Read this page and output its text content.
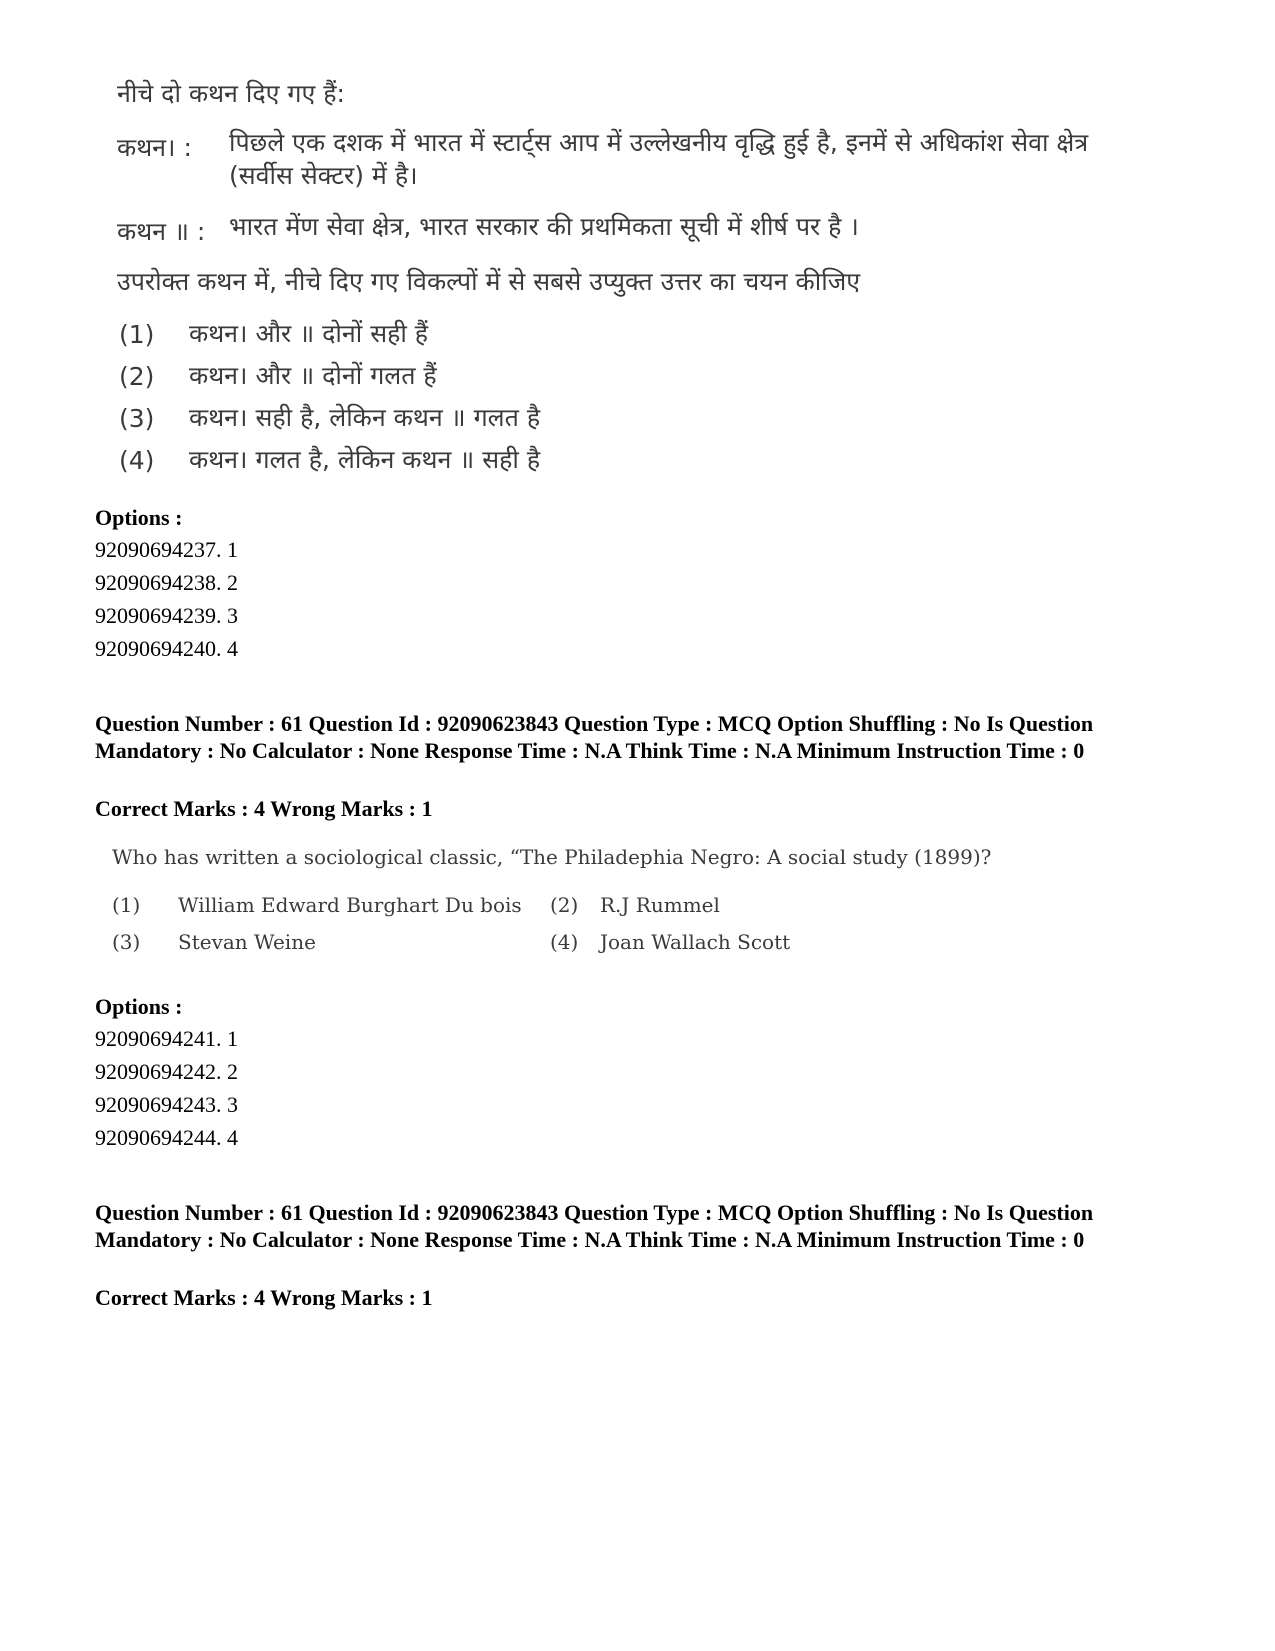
नीचे दो कथन दिए गए हैं:
कथन। : पिछले एक दशक में भारत में स्टार्ट्स आप में उल्लेखनीय वृद्धि हुई है, इनमें से अधिकांश सेवा क्षेत्र (सर्वीस सेक्टर) में है।
कथन ॥ : भारत मेंण सेवा क्षेत्र, भारत सरकार की प्रथमिकता सूची में शीर्ष पर है ।
उपरोक्त कथन में, नीचे दिए गए विकल्पों में से सबसे उप्युक्त उत्तर का चयन कीजिए
(1) कथन। और ॥ दोनों सही हैं
(2) कथन। और ॥ दोनों गलत हैं
(3) कथन। सही है, लेकिन कथन ॥ गलत है
(4) कथन। गलत है, लेकिन कथन ॥ सही है
Options :
92090694237. 1
92090694238. 2
92090694239. 3
92090694240. 4
Question Number : 61 Question Id : 92090623843 Question Type : MCQ Option Shuffling : No Is Question Mandatory : No Calculator : None Response Time : N.A Think Time : N.A Minimum Instruction Time : 0
Correct Marks : 4 Wrong Marks : 1
Who has written a sociological classic, “The Philadephia Negro: A social study (1899)?
(1) William Edward Burghart Du bois (2) R.J Rummel
(3) Stevan Weine	(4) Joan Wallach Scott
Options :
92090694241. 1
92090694242. 2
92090694243. 3
92090694244. 4
Question Number : 61 Question Id : 92090623843 Question Type : MCQ Option Shuffling : No Is Question Mandatory : No Calculator : None Response Time : N.A Think Time : N.A Minimum Instruction Time : 0
Correct Marks : 4 Wrong Marks : 1
